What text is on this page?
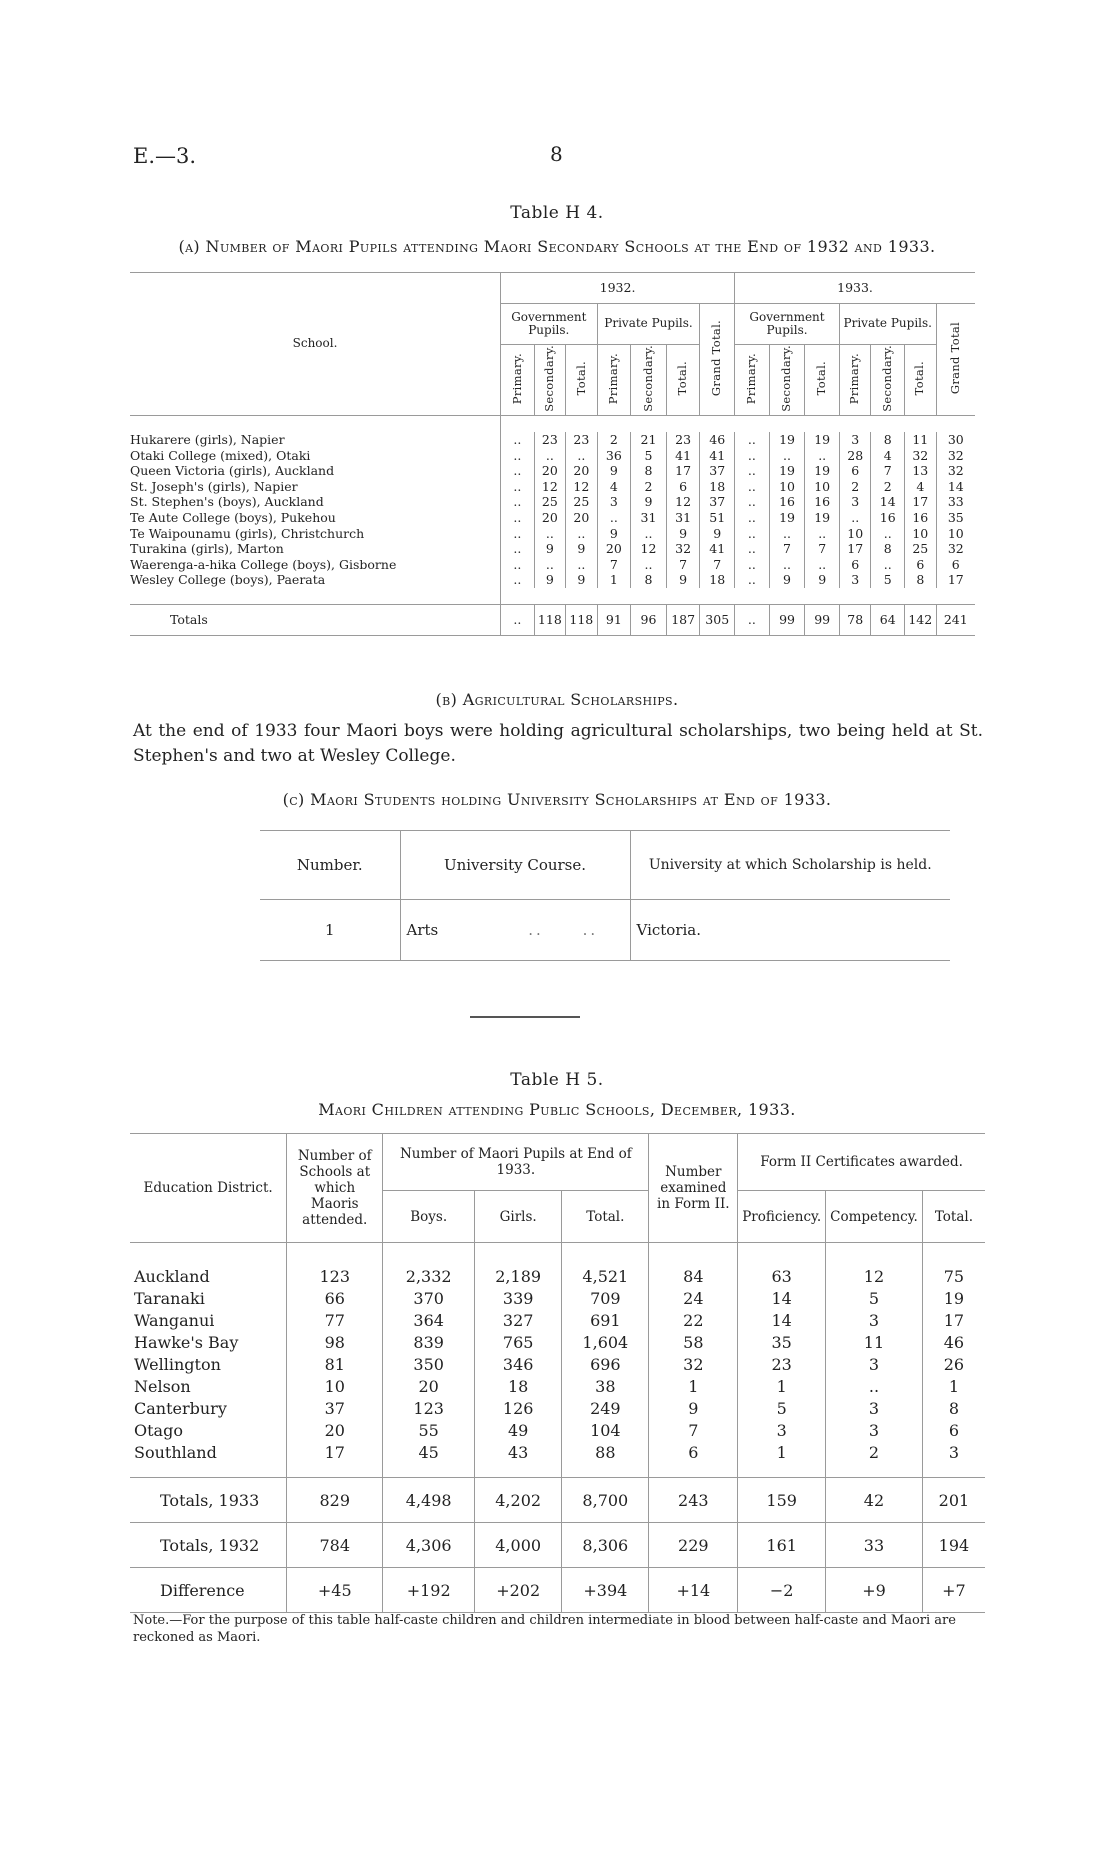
E.—3.	8
Table H 4.
(a) Number of Maori Pupils attending Maori Secondary Schools at the End of 1932 and 1933.
School.	1932.							1933.						
	Government Pupils.			Private Pupils.			Grand Total.	Government Pupils.			Private Pupils.			Grand Total
	Primary.	Secondary.	Total.	Primary.	Secondary.	Total.		Primary.	Secondary.	Total.	Primary.	Secondary.	Total.	

Hukarere (girls), Napier	..	23	23	2	21	23	46	..	19	19	3	8	11	30
Otaki College (mixed), Otaki	..	..	..	36	5	41	41	..	..	..	28	4	32	32
Queen Victoria (girls), Auckland	..	20	20	9	8	17	37	..	19	19	6	7	13	32
St. Joseph's (girls), Napier	..	12	12	4	2	6	18	..	10	10	2	2	4	14
St. Stephen's (boys), Auckland	..	25	25	3	9	12	37	..	16	16	3	14	17	33
Te Aute College (boys), Pukehou	..	20	20	..	31	31	51	..	19	19	..	16	16	35
Te Waipounamu (girls), Christchurch	..	..	..	9	..	9	9	..	..	..	10	..	10	10
Turakina (girls), Marton	..	9	9	20	12	32	41	..	7	7	17	8	25	32
Waerenga-a-hika College (boys), Gisborne	..	..	..	7	..	7	7	..	..	..	6	..	6	6
Wesley College (boys), Paerata	..	9	9	1	8	9	18	..	9	9	3	5	8	17

Totals	..	118	118	91	96	187	305	..	99	99	78	64	142	241
(b) Agricultural Scholarships.
At the end of 1933 four Maori boys were holding agricultural scholarships, two being held at St. Stephen's and two at Wesley College.
(c) Maori Students holding University Scholarships at End of 1933.
Number.	University Course.	University at which Scholarship is held.
1	Arts ..     ..	Victoria.
Table H 5.
Maori Children attending Public Schools, December, 1933.
Education District.	Number of Schools at which Maoris attended.	Number of Maori Pupils at End of 1933.			Number examined in Form II.	Form II Certificates awarded.		
		Boys.	Girls.	Total.		Proficiency.	Competency.	Total.

Auckland	123	2,332	2,189	4,521	84	63	12	75
Taranaki	66	370	339	709	24	14	5	19
Wanganui	77	364	327	691	22	14	3	17
Hawke's Bay	98	839	765	1,604	58	35	11	46
Wellington	81	350	346	696	32	23	3	26
Nelson	10	20	18	38	1	1	..	1
Canterbury	37	123	126	249	9	5	3	8
Otago	20	55	49	104	7	3	3	6
Southland	17	45	43	88	6	1	2	3

Totals, 1933	829	4,498	4,202	8,700	243	159	42	201
Totals, 1932	784	4,306	4,000	8,306	229	161	33	194
Difference	+45	+192	+202	+394	+14	−2	+9	+7
Note.—For the purpose of this table half-caste children and children intermediate in blood between half-caste and Maori are reckoned as Maori.
